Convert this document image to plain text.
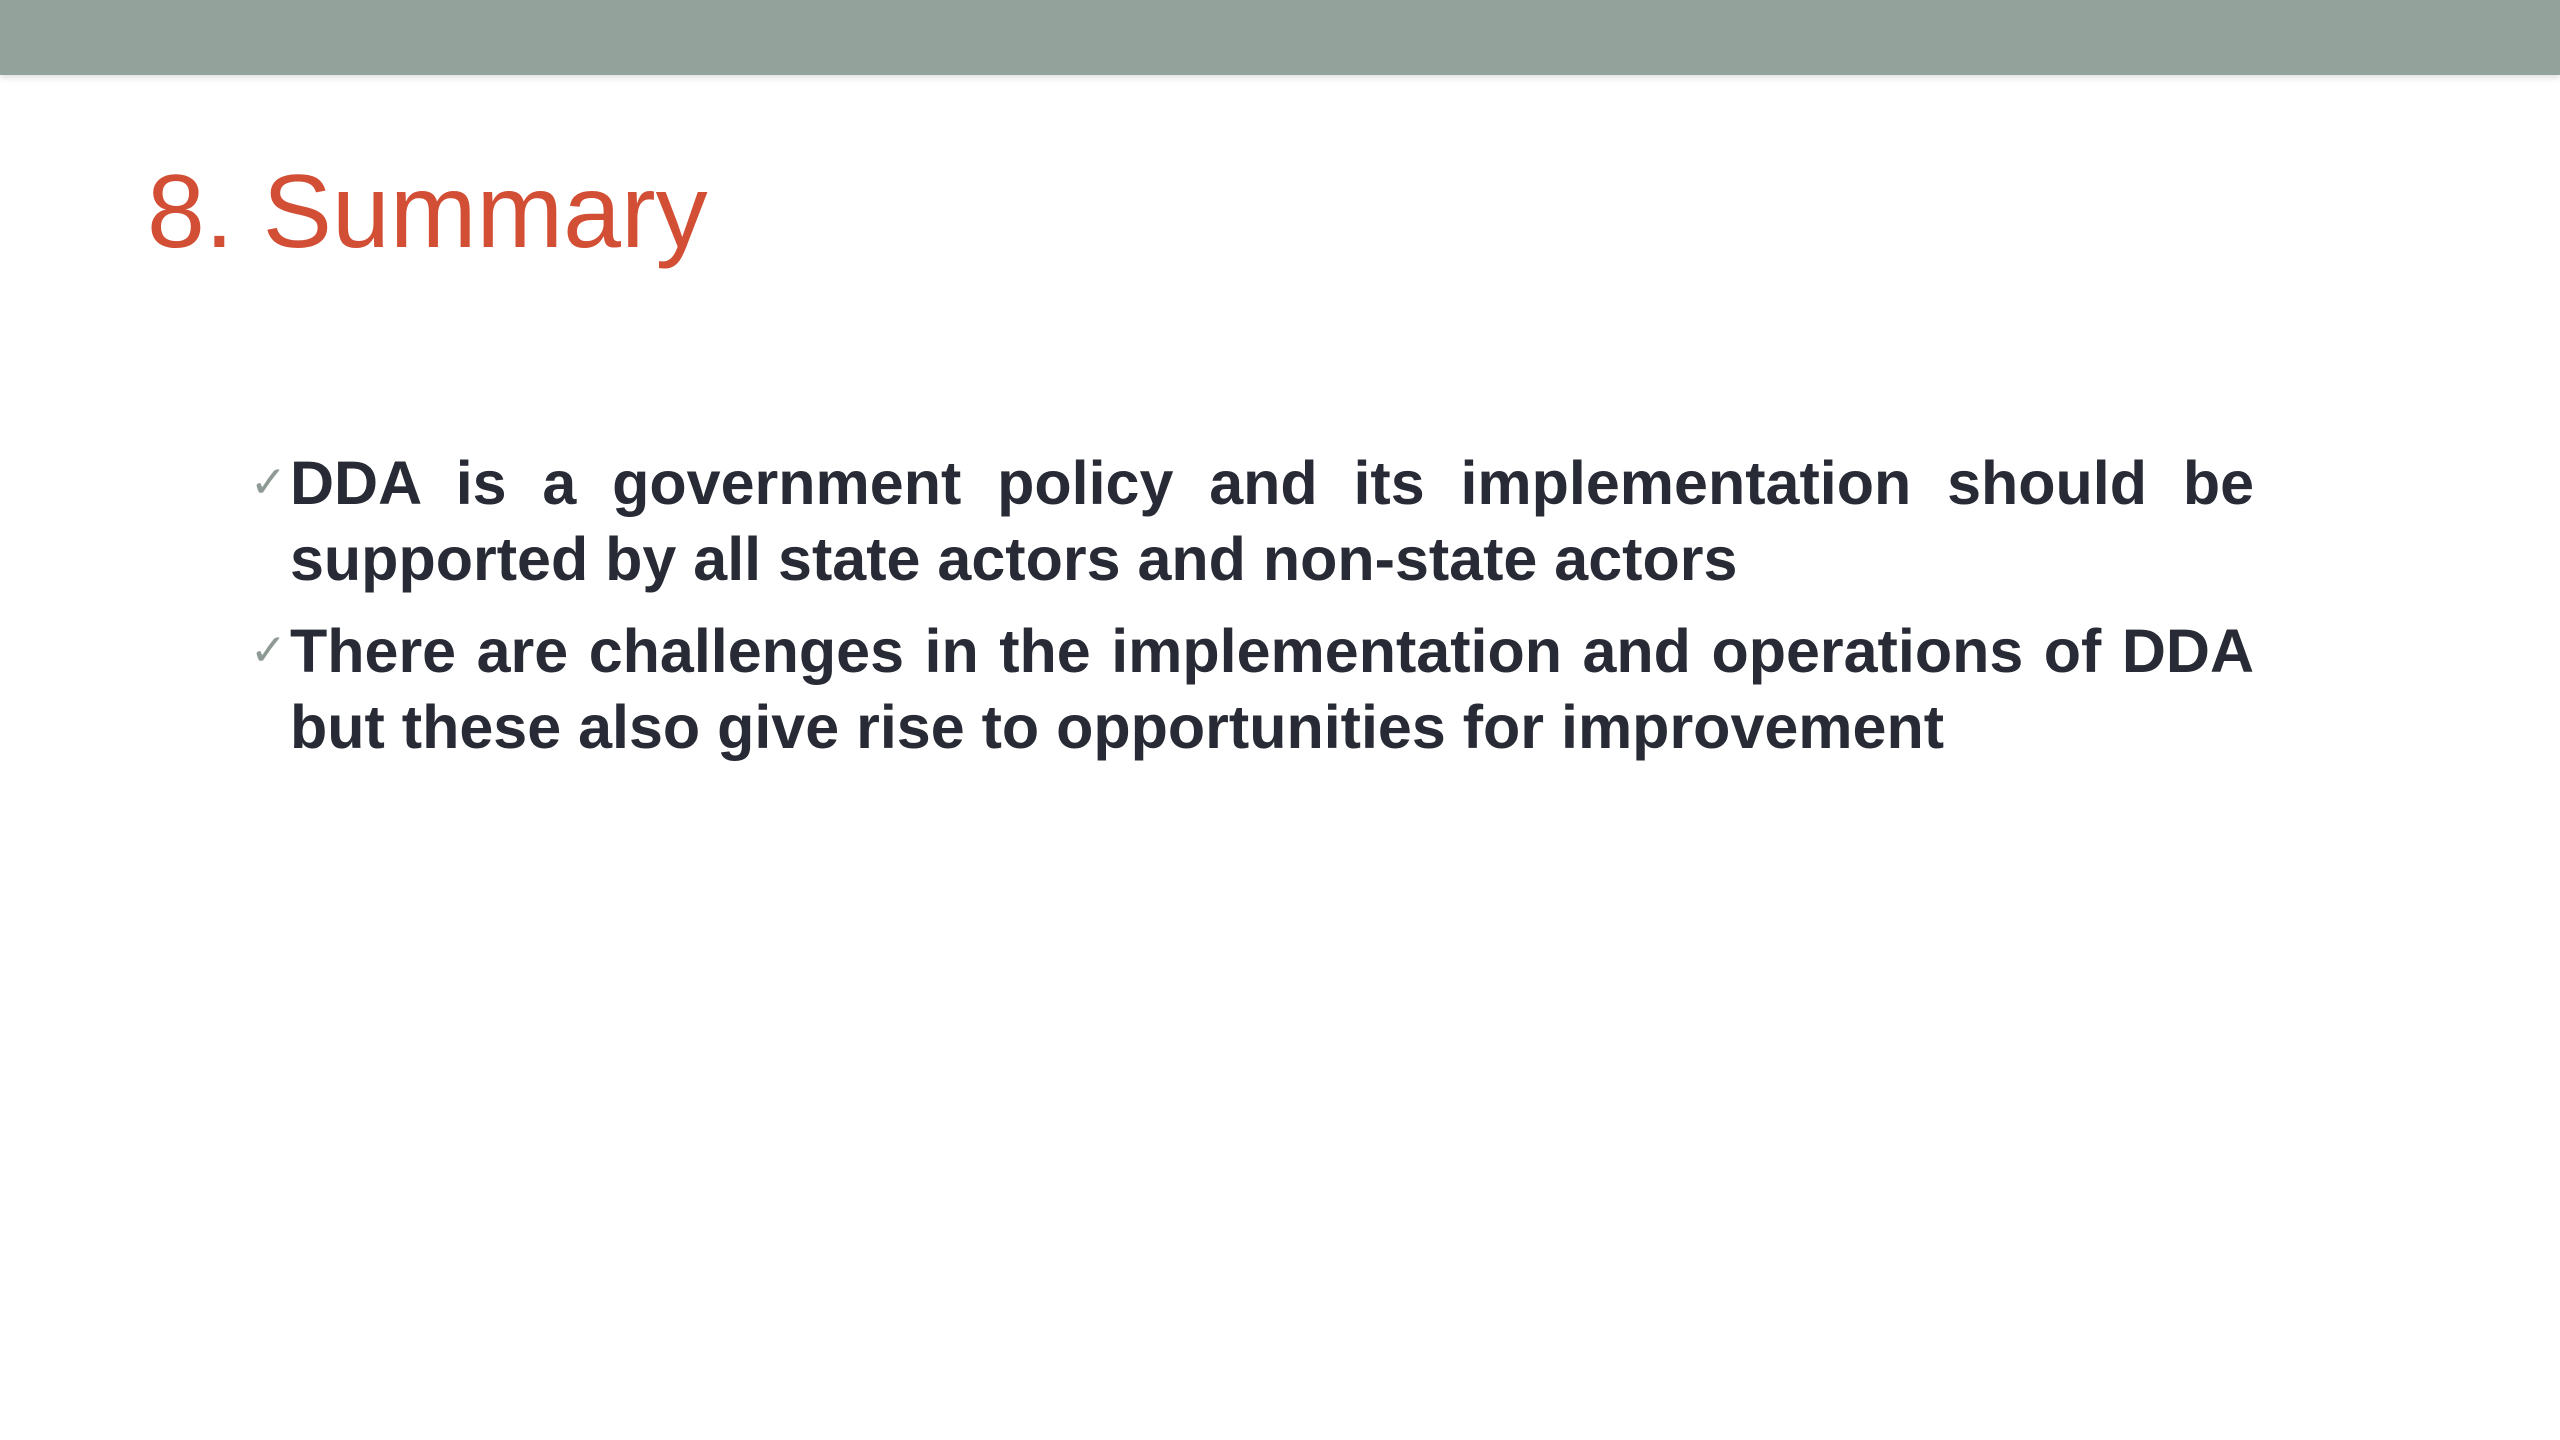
8. Summary
✓ DDA is a government policy and its implementation should be supported by all state actors and non-state actors
✓ There are challenges in the implementation and operations of DDA but these also give rise to opportunities for improvement
